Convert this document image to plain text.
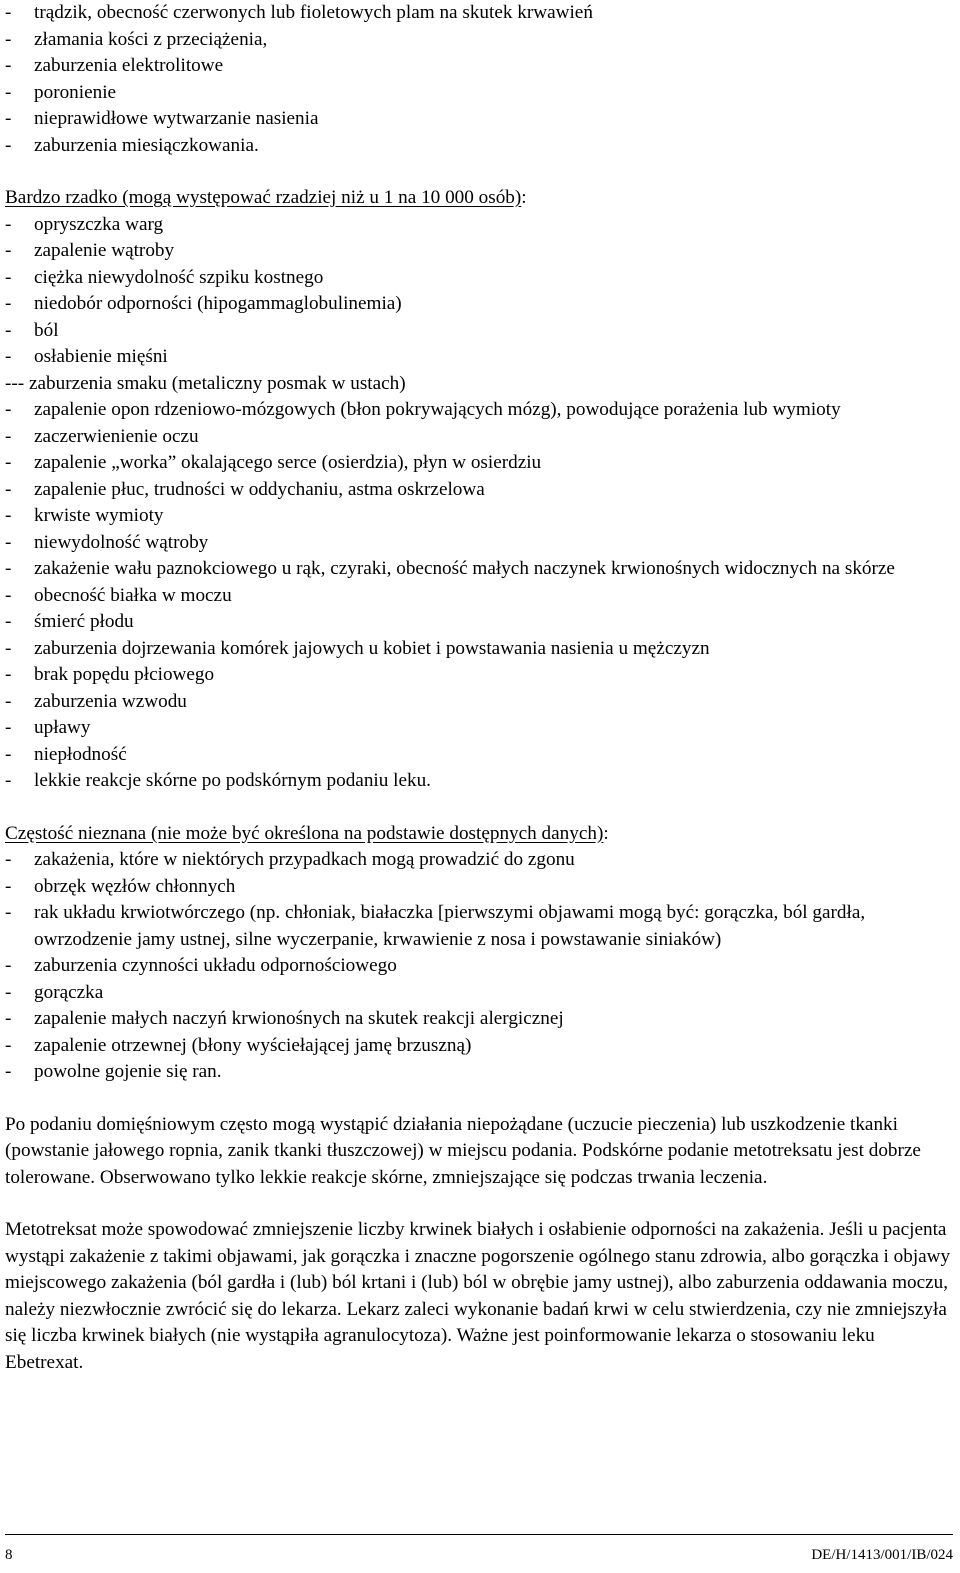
- trądzik, obecność czerwonych lub fioletowych plam na skutek krwawień
- złamania kości z przeciążenia,
- zaburzenia elektrolitowe
- poronienie
- nieprawidłowe wytwarzanie nasienia
- zaburzenia miesiączkowania.

Bardzo rzadko (mogą występować rzadziej niż u 1 na 10 000 osób):

- opryszczka warg
- zapalenie wątroby
- ciężka niewydolność szpiku kostnego
- niedobór odporności (hipogammaglobulinemia)
- ból
- osłabienie mięśni
--- zaburzenia smaku (metaliczny posmak w ustach)
- zapalenie opon rdzeniowo-mózgowych (błon pokrywających mózg), powodujące porażenia lub wymioty
- zaczerwienienie oczu
- zapalenie „worka” okalającego serce (osierdzia), płyn w osierdziu
- zapalenie płuc, trudności w oddychaniu, astma oskrzelowa
- krwiste wymioty
- niewydolność wątroby
- zakażenie wału paznokciowego u rąk, czyraki, obecność małych naczynek krwionośnych widocznych na skórze
- obecność białka w moczu
- śmierć płodu
- zaburzenia dojrzewania komórek jajowych u kobiet i powstawania nasienia u mężczyzn
- brak popędu płciowego
- zaburzenia wzwodu
- upławy
- niepłodność
- lekkie reakcje skórne po podskórnym podaniu leku.

Częstość nieznana (nie może być określona na podstawie dostępnych danych):

- zakażenia, które w niektórych przypadkach mogą prowadzić do zgonu
- obrzęk węzłów chłonnych
- rak układu krwiotwórczego (np. chłoniak, białaczka [pierwszymi objawami mogą być: gorączka, ból gardła, owrzodzenie jamy ustnej, silne wyczerpanie, krwawienie z nosa i powstawanie siniaków)
- zaburzenia czynności układu odpornościowego
- gorączka
- zapalenie małych naczyń krwionośnych na skutek reakcji alergicznej
- zapalenie otrzewnej (błony wyściełającej jamę brzuszną)
- powolne gojenie się ran.

Po podaniu domięśniowym często mogą wystąpić działania niepożądane (uczucie pieczenia) lub uszkodzenie tkanki (powstanie jałowego ropnia, zanik tkanki tłuszczowej) w miejscu podania. Podskórne podanie metotreksatu jest dobrze tolerowane. Obserwowano tylko lekkie reakcje skórne, zmniejszające się podczas trwania leczenia.

Metotreksat może spowodować zmniejszenie liczby krwinek białych i osłabienie odporności na zakażenia. Jeśli u pacjenta wystąpi zakażenie z takimi objawami, jak gorączka i znaczne pogorszenie ogólnego stanu zdrowia, albo gorączka i objawy miejscowego zakażenia (ból gardła i (lub) ból krtani i (lub) ból w obrębie jamy ustnej), albo zaburzenia oddawania moczu, należy niezwłocznie zwrócić się do lekarza. Lekarz zaleci wykonanie badań krwi w celu stwierdzenia, czy nie zmniejszyła się liczba krwinek białych (nie wystąpiła agranulocytoza). Ważne jest poinformowanie lekarza o stosowaniu leku Ebetrexat.

8	DE/H/1413/001/IB/024
